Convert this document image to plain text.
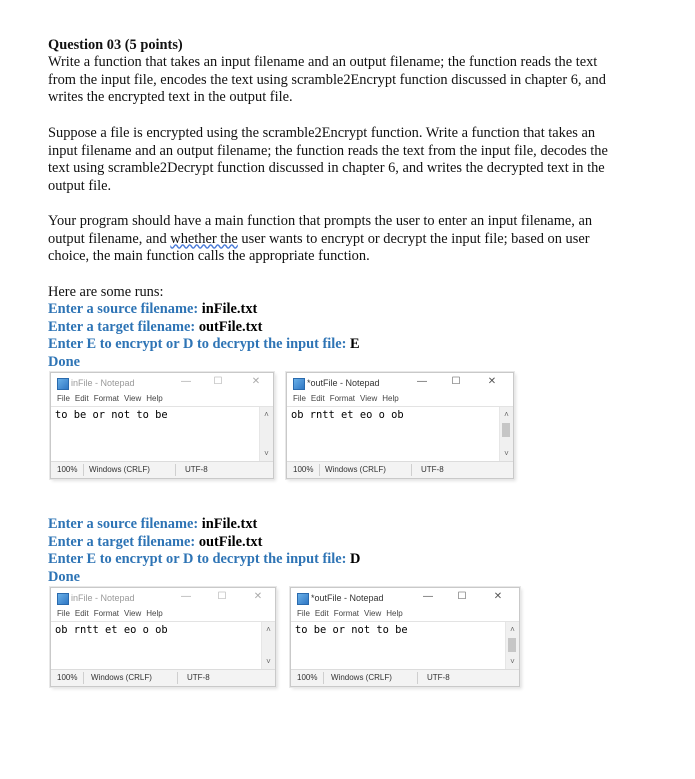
Question 03 (5 points)
Write a function that takes an input filename and an output filename; the function reads the text
from the input file, encodes the text using scramble2Encrypt function discussed in chapter 6, and
writes the encrypted text in the output file.
Suppose a file is encrypted using the scramble2Encrypt function. Write a function that takes an
input filename and an output filename; the function reads the text from the input file, decodes the
text using scramble2Decrypt function discussed in chapter 6, and writes the decrypted text in the
output file.
Your program should have a main function that prompts the user to enter an input filename, an
output filename, and whether the user wants to encrypt or decrypt the input file; based on user
choice, the main function calls the appropriate function.
Here are some runs:
Enter a source filename: inFile.txt
Enter a target filename: outFile.txt
Enter E to encrypt or D to decrypt the input file: E
Done
inFile - Notepad	— ☐	✕
File Edit Format View Help
to be or not to be	˄
˅
100% Windows (CRLF)	UTF-8
*outFile - Notepad	— ☐	✕
File Edit Format View Help
ob rntt et eo o ob	˄
˅
100% Windows (CRLF)	UTF-8
Enter a source filename: inFile.txt
Enter a target filename: outFile.txt
Enter E to encrypt or D to decrypt the input file: D
Done
inFile - Notepad	—	☐	✕
File Edit Format View Help
ob rntt et eo o ob	˄
˅
100% Windows (CRLF)	UTF-8
*outFile - Notepad	— ☐	✕
File Edit Format View Help
to be or not to be	˄
˅
100% Windows (CRLF)	UTF-8
